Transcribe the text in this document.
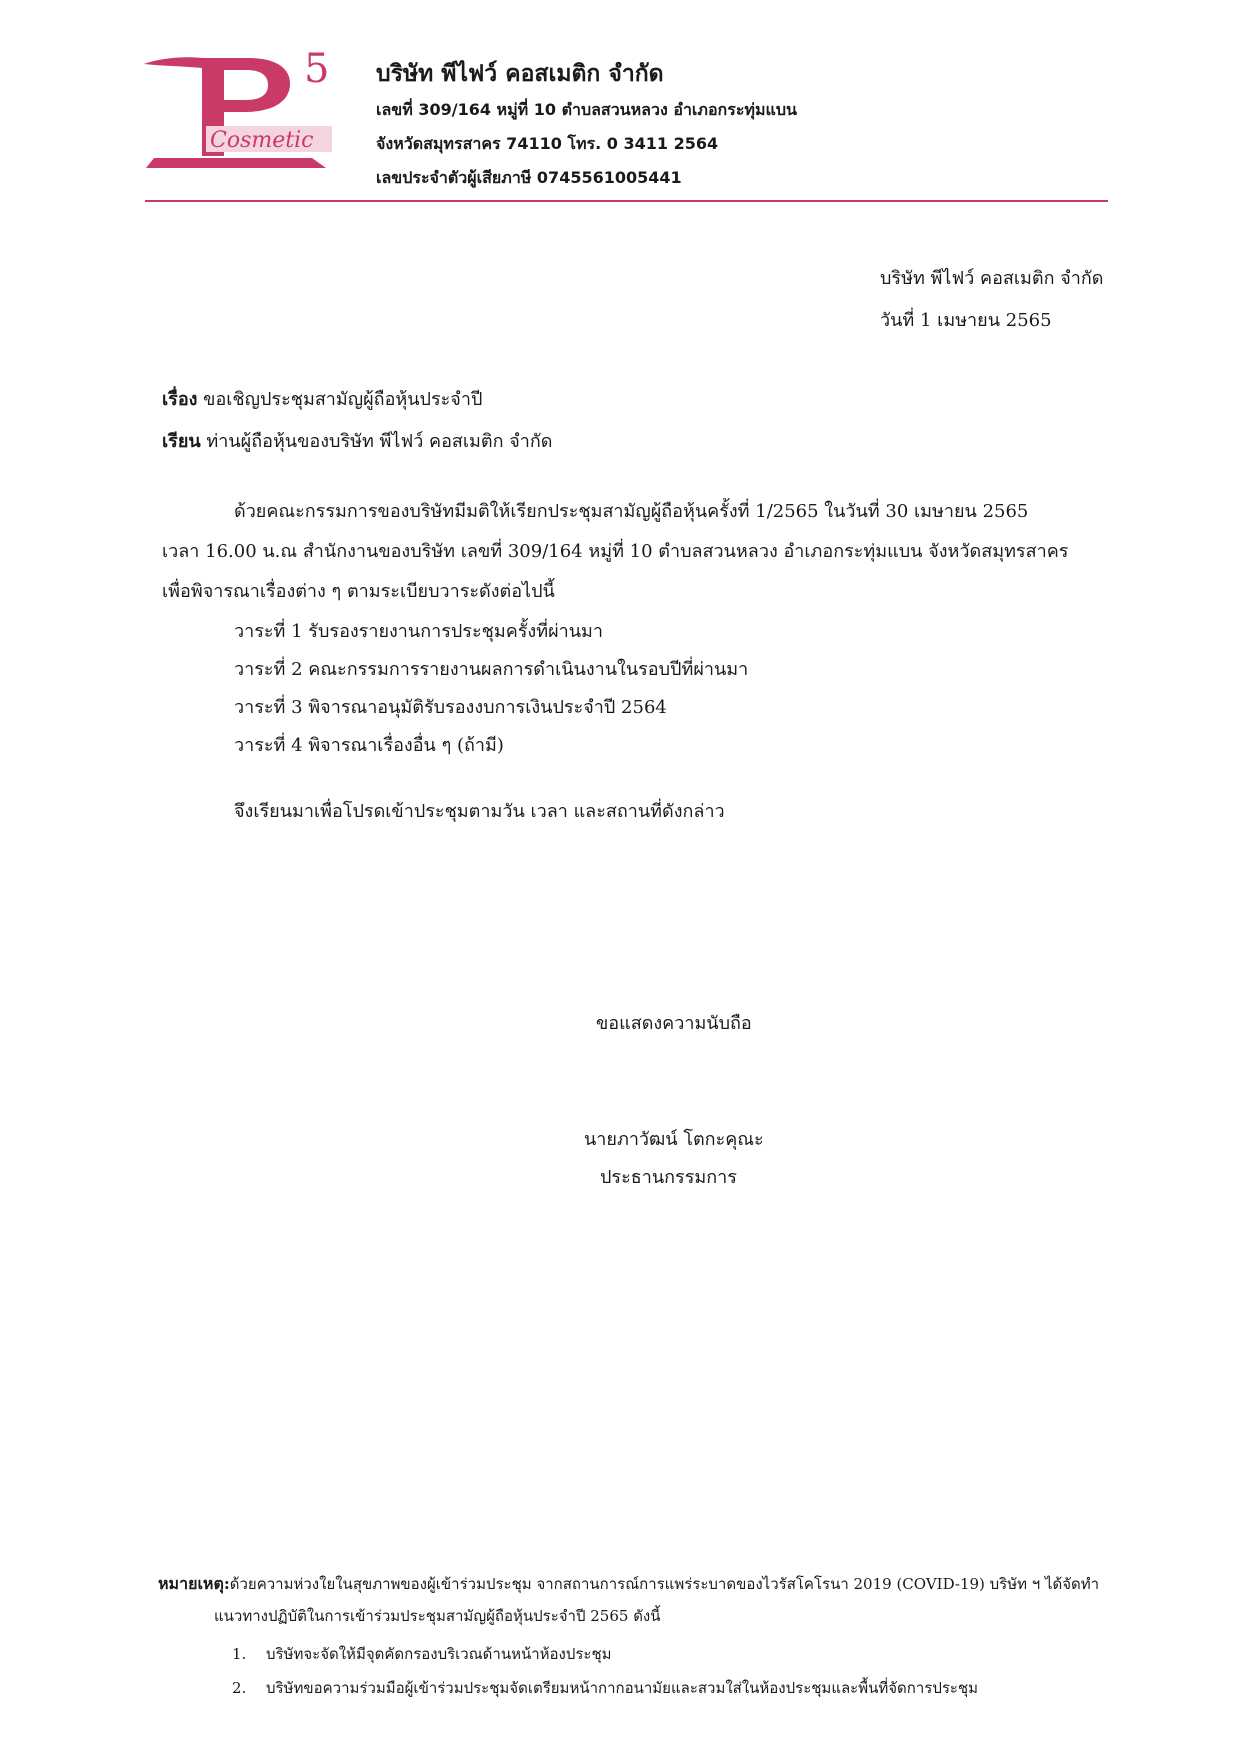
Cosmetic
5 บริษัท พีไฟว์ คอสเมติก จำกัด
เลขที่ 309/164 หมู่ที่ 10 ตำบลสวนหลวง อำเภอกระทุ่มแบน
จังหวัดสมุทรสาคร 74110 โทร. 0 3411 2564
เลขประจำตัวผู้เสียภาษี 0745561005441
บริษัท พีไฟว์ คอสเมติก จำกัด
วันที่ 1 เมษายน 2565
เรื่อง ขอเชิญประชุมสามัญผู้ถือหุ้นประจำปี
เรียน ท่านผู้ถือหุ้นของบริษัท พีไฟว์ คอสเมติก จำกัด
ด้วยคณะกรรมการของบริษัทมีมติให้เรียกประชุมสามัญผู้ถือหุ้นครั้งที่ 1/2565 ในวันที่ 30 เมษายน 2565
เวลา 16.00 น.ณ สำนักงานของบริษัท เลขที่ 309/164 หมู่ที่ 10 ตำบลสวนหลวง อำเภอกระทุ่มแบน จังหวัดสมุทรสาคร
เพื่อพิจารณาเรื่องต่าง ๆ ตามระเบียบวาระดังต่อไปนี้
วาระที่ 1 รับรองรายงานการประชุมครั้งที่ผ่านมา
วาระที่ 2 คณะกรรมการรายงานผลการดำเนินงานในรอบปีที่ผ่านมา
วาระที่ 3 พิจารณาอนุมัติรับรองงบการเงินประจำปี 2564
วาระที่ 4 พิจารณาเรื่องอื่น ๆ (ถ้ามี)
จึงเรียนมาเพื่อโปรดเข้าประชุมตามวัน เวลา และสถานที่ดังกล่าว
ขอแสดงความนับถือ
นายภาวัฒน์ โตกะคุณะ
ประธานกรรมการ
หมายเหตุ:ด้วยความห่วงใยในสุขภาพของผู้เข้าร่วมประชุม จากสถานการณ์การแพร่ระบาดของไวรัสโคโรนา 2019 (COVID-19) บริษัท ฯ ได้จัดทำ
แนวทางปฏิบัติในการเข้าร่วมประชุมสามัญผู้ถือหุ้นประจำปี 2565 ดังนี้
1. บริษัทจะจัดให้มีจุดคัดกรองบริเวณด้านหน้าห้องประชุม
2. บริษัทขอความร่วมมือผู้เข้าร่วมประชุมจัดเตรียมหน้ากากอนามัยและสวมใส่ในห้องประชุมและพื้นที่จัดการประชุม
